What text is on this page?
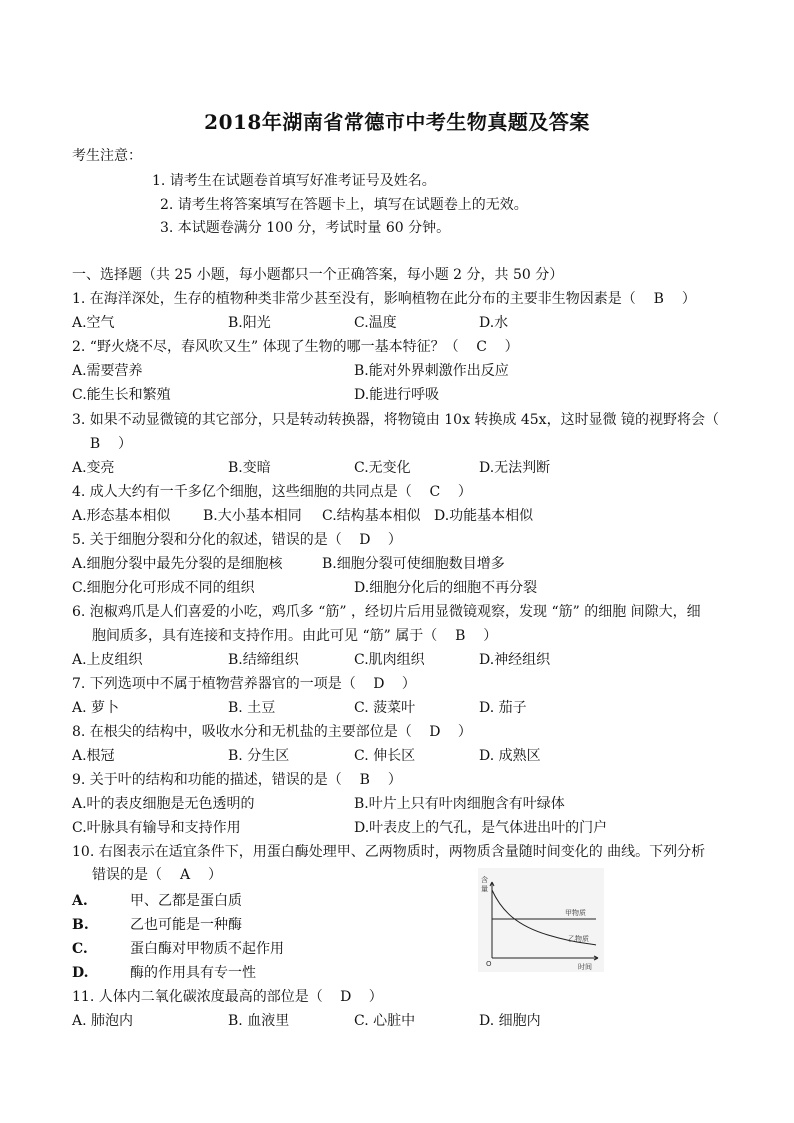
2018年湖南省常德市中考生物真题及答案
考生注意：
1. 请考生在试题卷首填写好准考证号及姓名。
2. 请考生将答案填写在答题卡上，填写在试题卷上的无效。
3. 本试题卷满分 100 分，考试时量 60 分钟。
一、选择题（共 25 小题，每小题都只一个正确答案，每小题 2 分，共 50 分）
1. 在海洋深处，生存的植物种类非常少甚至没有，影响植物在此分布的主要非生物因素是（ B ）
A.空气	B.阳光	C.温度	D.水
2. “野火烧不尽，春风吹又生” 体现了生物的哪一基本特征？（ C ）
A.需要营养	B.能对外界刺激作出反应
C.能生长和繁殖	D.能进行呼吸
3. 如果不动显微镜的其它部分，只是转动转换器，将物镜由 10x 转换成 45x，这时显微 镜的视野将会（
B ）
A.变亮	B.变暗	C.无变化	D.无法判断
4. 成人大约有一千多亿个细胞，这些细胞的共同点是（ C ）
A.形态基本相似 B.大小基本相同 C.结构基本相似 D.功能基本相似
5. 关于细胞分裂和分化的叙述，错误的是（ D ）
A.细胞分裂中最先分裂的是细胞核	B.细胞分裂可使细胞数目增多
C.细胞分化可形成不同的组织	D.细胞分化后的细胞不再分裂
6. 泡椒鸡爪是人们喜爱的小吃，鸡爪多 “筋” ，经切片后用显微镜观察，发现 “筋” 的细胞 间隙大，细
胞间质多，具有连接和支持作用。由此可见 “筋” 属于（ B ）
A.上皮组织	B.结缔组织	C.肌肉组织	D.神经组织
7. 下列选项中不属于植物营养器官的一项是（ D ）
A. 萝卜	B. 土豆	C. 菠菜叶	D. 茄子
8. 在根尖的结构中，吸收水分和无机盐的主要部位是（ D ）
A.根冠	B. 分生区	C. 伸长区	D. 成熟区
9. 关于叶的结构和功能的描述，错误的是（ B ）
A.叶的表皮细胞是无色透明的	B.叶片上只有叶肉细胞含有叶绿体
C.叶脉具有输导和支持作用	D.叶表皮上的气孔，是气体进出叶的门户
10. 右图表示在适宜条件下，用蛋白酶处理甲、乙两物质时，两物质含量随时间变化的 曲线。下列分析
错误的是（ A ）
A.	甲、乙都是蛋白质
B.	乙也可能是一种酶
C.	蛋白酶对甲物质不起作用
D.	酶的作用具有专一性
含
量
O	时间
甲物质
乙物质
11. 人体内二氧化碳浓度最高的部位是（ D ）
A. 肺泡内	B. 血液里	C. 心脏中	D. 细胞内
